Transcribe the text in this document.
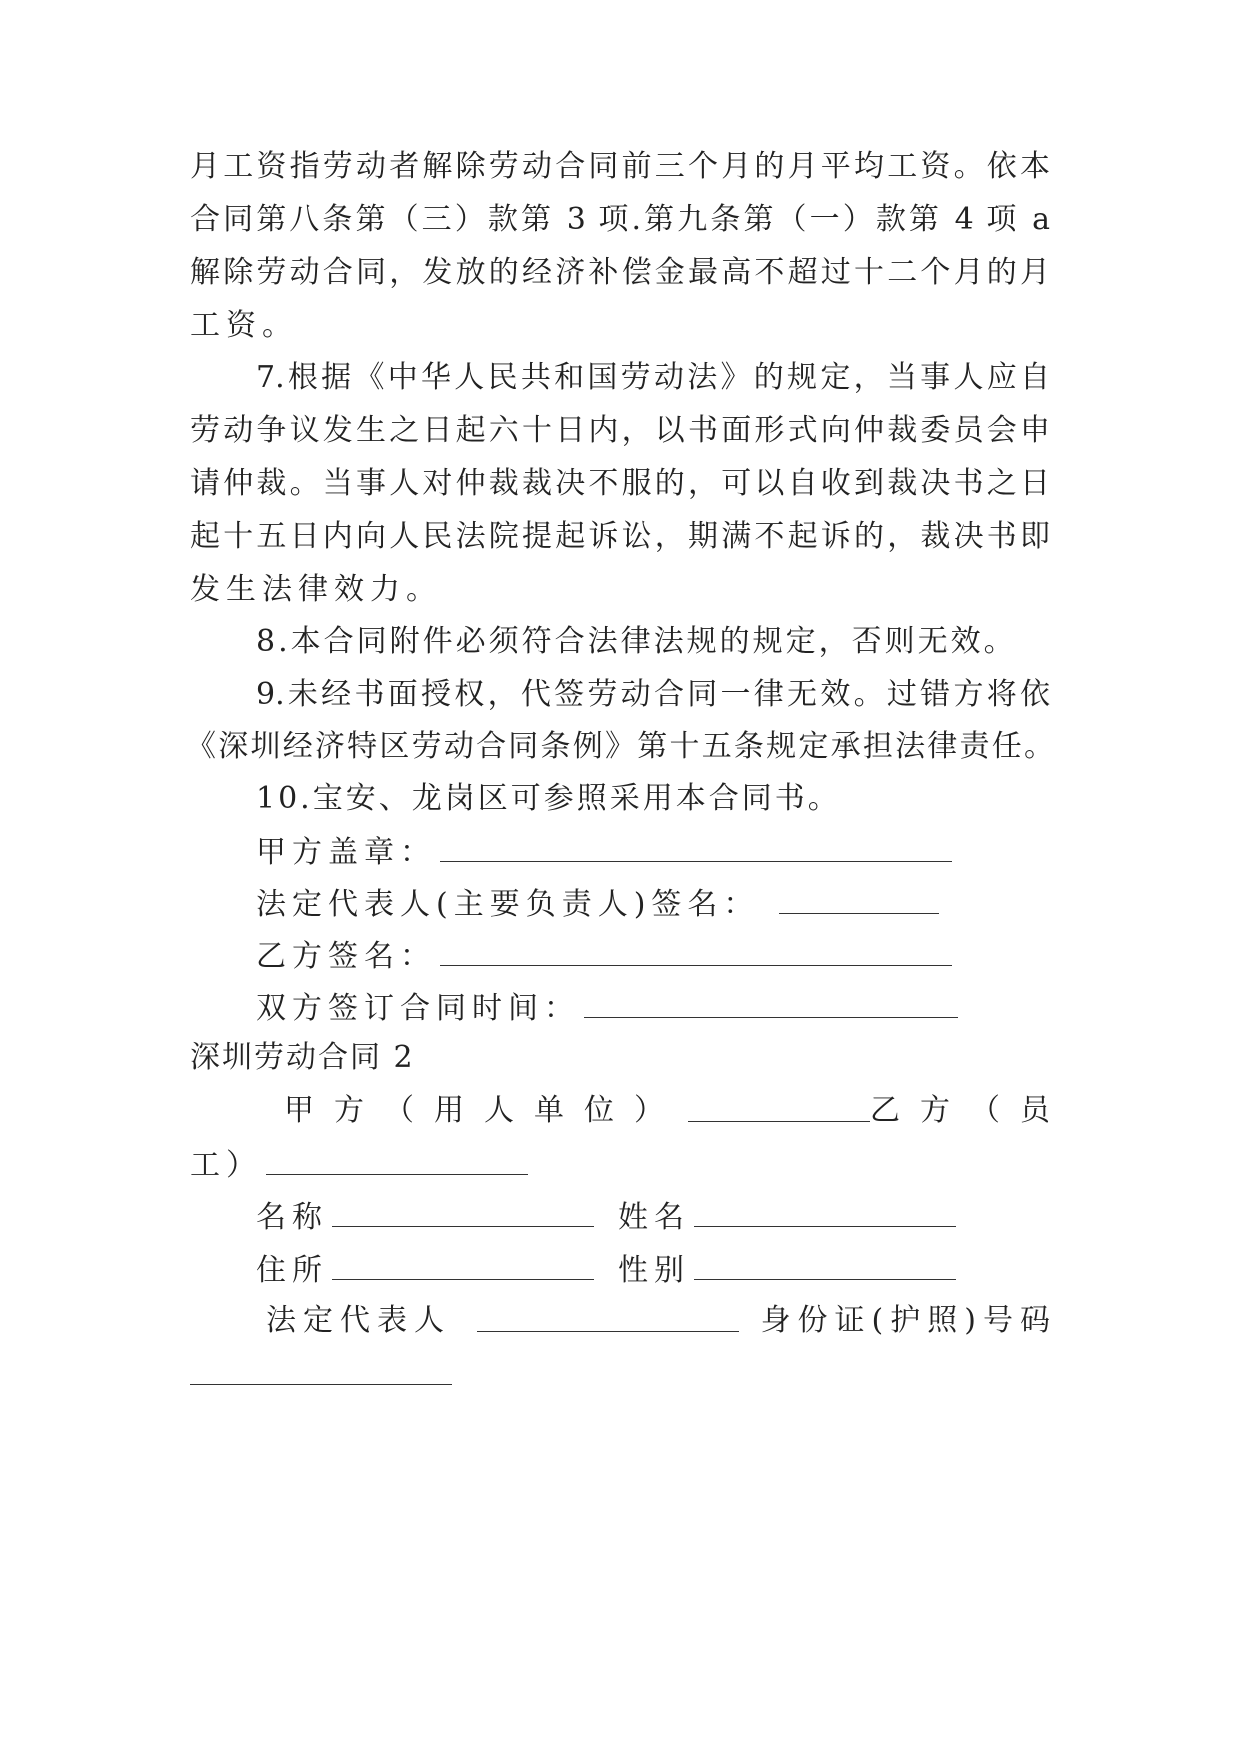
月工资指劳动者解除劳动合同前三个月的月平均工资。依本
合同第八条第（三）款第 3 项.第九条第（一）款第 4 项 a
解除劳动合同，发放的经济补偿金最高不超过十二个月的月
工资。
7.根据《中华人民共和国劳动法》的规定，当事人应自
劳动争议发生之日起六十日内，以书面形式向仲裁委员会申
请仲裁。当事人对仲裁裁决不服的，可以自收到裁决书之日
起十五日内向人民法院提起诉讼，期满不起诉的，裁决书即
发生法律效力。
8.本合同附件必须符合法律法规的规定，否则无效。
9.未经书面授权，代签劳动合同一律无效。过错方将依
《深圳经济特区劳动合同条例》第十五条规定承担法律责任。
10.宝安、龙岗区可参照采用本合同书。
甲方盖章：
法定代表人(主要负责人)签名：
乙方签名：
双方签订合同时间：
深圳劳动合同 2
甲方（用人单位）	乙方（员
工）
名称	姓名
住所	性别
法定代表人	身份证(护照)号码
